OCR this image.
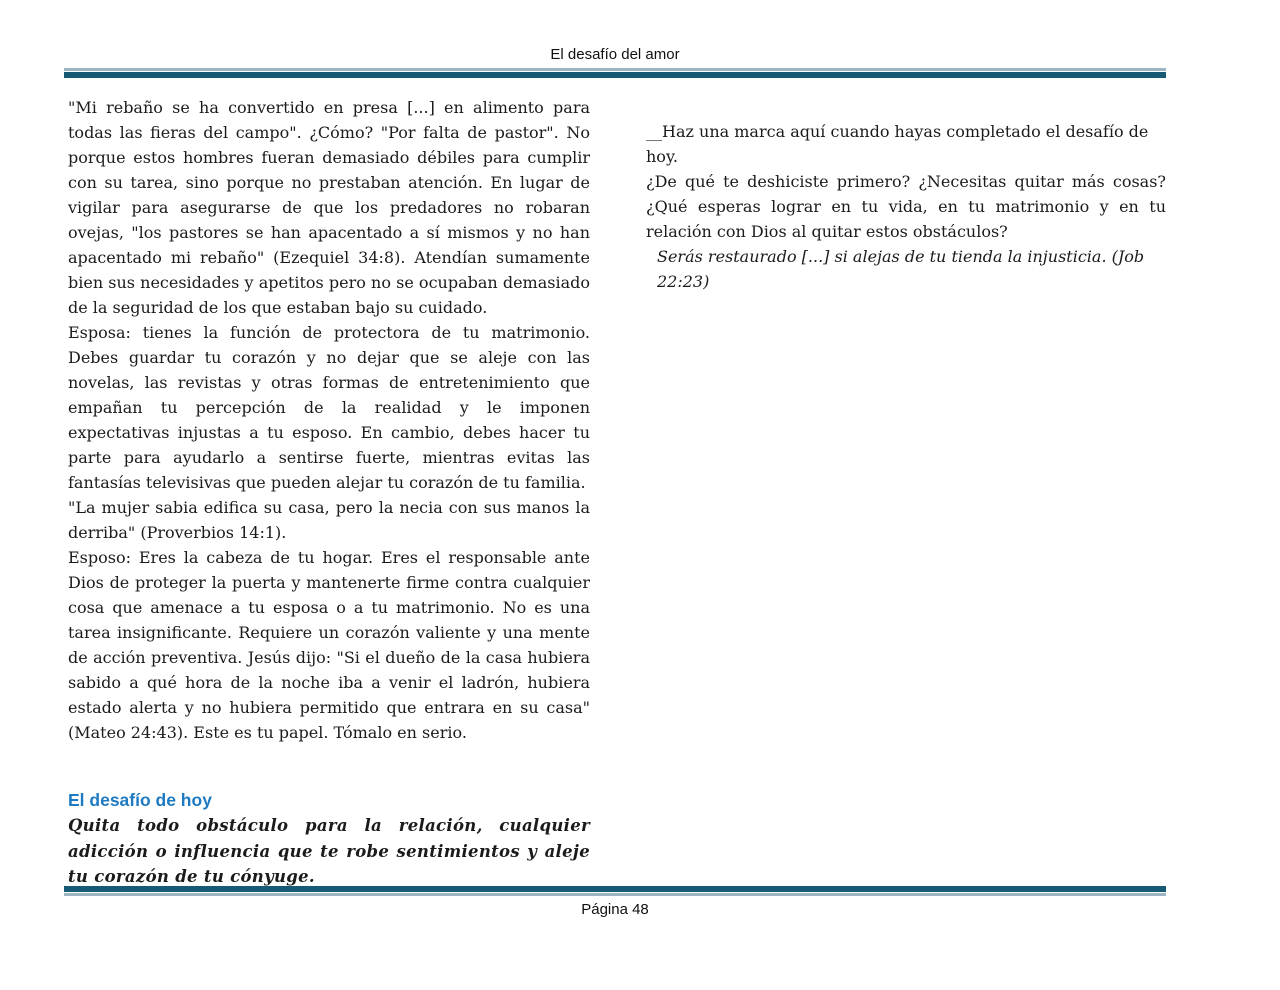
El desafío del amor

"Mi rebaño se ha convertido en presa [...] en alimento para todas las fieras del campo". ¿Cómo? "Por falta de pastor". No porque estos hombres fueran demasiado débiles para cumplir con su tarea, sino porque no prestaban atención. En lugar de vigilar para asegurarse de que los predadores no robaran ovejas, "los pastores se han apacentado a sí mismos y no han apacentado mi rebaño" (Ezequiel 34:8). Atendían sumamente bien sus necesidades y apetitos pero no se ocupaban demasiado de la seguridad de los que estaban bajo su cuidado.

Esposa: tienes la función de protectora de tu matrimonio. Debes guardar tu corazón y no dejar que se aleje con las novelas, las revistas y otras formas de entretenimiento que empañan tu percepción de la realidad y le imponen expectativas injustas a tu esposo. En cambio, debes hacer tu parte para ayudarlo a sentirse fuerte, mientras evitas las fantasías televisivas que pueden alejar tu corazón de tu familia.

"La mujer sabia edifica su casa, pero la necia con sus manos la derriba" (Proverbios 14:1).

Esposo: Eres la cabeza de tu hogar. Eres el responsable ante Dios de proteger la puerta y mantenerte firme contra cualquier cosa que amenace a tu esposa o a tu matrimonio. No es una tarea insignificante. Requiere un corazón valiente y una mente de acción preventiva. Jesús dijo: "Si el dueño de la casa hubiera sabido a qué hora de la noche iba a venir el ladrón, hubiera estado alerta y no hubiera permitido que entrara en su casa" (Mateo 24:43). Este es tu papel. Tómalo en serio.

El desafío de hoy

Quita todo obstáculo para la relación, cualquier adicción o influencia que te robe sentimientos y aleje tu corazón de tu cónyuge.

__Haz una marca aquí cuando hayas completado el desafío de hoy.

¿De qué te deshiciste primero? ¿Necesitas quitar más cosas? ¿Qué esperas lograr en tu vida, en tu matrimonio y en tu relación con Dios al quitar estos obstáculos?

Serás restaurado [...] si alejas de tu tienda la injusticia. (Job 22:23)

Página 48
